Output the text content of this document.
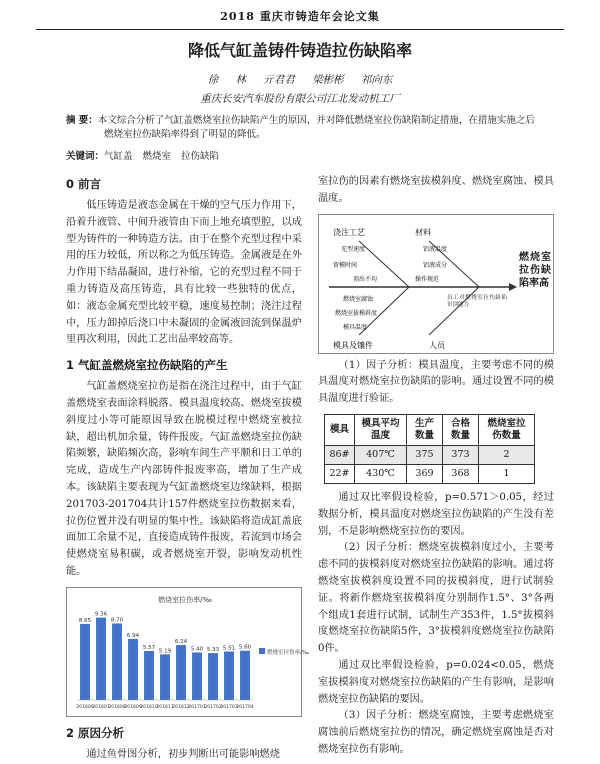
2018 重庆市铸造年会论文集
降低气缸盖铸件铸造拉伤缺陷率
徐 林 亓君君 梁彬彬 祁向东
重庆长安汽车股份有限公司江北发动机工厂
摘 要：本文综合分析了气缸盖燃烧室拉伤缺陷产生的原因，并对降低燃烧室拉伤缺陷制定措施，在措施实施之后
燃烧室拉伤缺陷率得到了明显的降低。
关键词：气缸盖 燃烧室 拉伤缺陷
0 前言

低压铸造是液态金属在干燥的空气压力作用下，沿着升液管、中间升液管由下而上地充填型腔，以成型为铸件的一种铸造方法。由于在整个充型过程中采用的压力较低，所以称之为低压铸造。金属液是在外力作用下结晶凝固，进行补缩，它的充型过程不同于重力铸造及高压铸造，具有比较一些独特的优点，如：液态金属充型比较平稳，速度易控制；浇注过程中，压力卸掉后浇口中未凝固的金属液回流到保温炉里再次利用，因此工艺出品率较高等。

1 气缸盖燃烧室拉伤缺陷的产生

气缸盖燃烧室拉伤是指在浇注过程中，由于气缸盖燃烧室表面涂料脱落、模具温度较高、燃烧室拔模斜度过小等可能原因导致在脱模过程中燃烧室被拉缺，超出机加余量，铸件报废。气缸盖燃烧室拉伤缺陷频繁，缺陷频次高，影响车间生产平顺和日工单的完成，造成生产内部铸件报废率高，增加了生产成本。该缺陷主要表现为气缸盖燃烧室边缘缺料，根据201703-201704共计157件燃烧室拉伤数据来看，拉伤位置并没有明显的集中性。该缺陷将造成缸盖底面加工余量不足，直接造成铸件报废，若流到市场会使燃烧室易积碳，或者燃烧室开裂，影响发动机性能。

燃烧室拉伤率/‰
8.65
9.36
8.70
6.94
5.57
5.19
6.24
5.40 5.33 5.51 5.60
201606
201607
201608
201609
201610
201611
201612
201701
201702
201703
201704
燃烧室拉伤率/‰
2 原因分析

通过鱼骨图分析，初步判断出可能影响燃烧

室拉伤的因素有燃烧室拔模斜度、燃烧室腐蚀、模具温度。

浇注工艺	材料
模具及镶件	人员
充型速度	铝液温度
留模时间	铝液成分
顶出不均	操作规范
燃烧室腐蚀
燃烧室拔模斜度
模具温度
员工对燃烧室拉伤缺陷识别能力
燃烧室拉伤缺陷率高

（1）因子分析：模具温度，主要考虑不同的模具温度对燃烧室拉伤缺陷的影响。通过设置不同的模具温度进行验证。

模具	模具平均温度	生产数量	合格数量	燃烧室拉伤数量
86#	407℃	375	373	2
22#	430℃	369	368	1

通过双比率假设检验，p=0.571＞0.05，经过数据分析，模具温度对燃烧室拉伤缺陷的产生没有差别，不是影响燃烧室拉伤的要因。

（2）因子分析：燃烧室拔模斜度过小，主要考虑不同的拔模斜度对燃烧室拉伤缺陷的影响。通过将燃烧室拔模斜度设置不同的拔模斜度，进行试制验证。将新作燃烧室拔模斜度分别制作1.5°、3°各两个组成1套进行试制，试制生产353件，1.5°拔模斜度燃烧室拉伤缺陷5件，3°拔模斜度燃烧室拉伤缺陷0件。

通过双比率假设检验，p=0.024<0.05，燃烧室拔模斜度对燃烧室拉伤缺陷的产生有影响，是影响燃烧室拉伤缺陷的要因。

（3）因子分析：燃烧室腐蚀，主要考虑燃烧室腐蚀前后燃烧室拉伤的情况，确定燃烧室腐蚀是否对燃烧室拉伤有影响。
